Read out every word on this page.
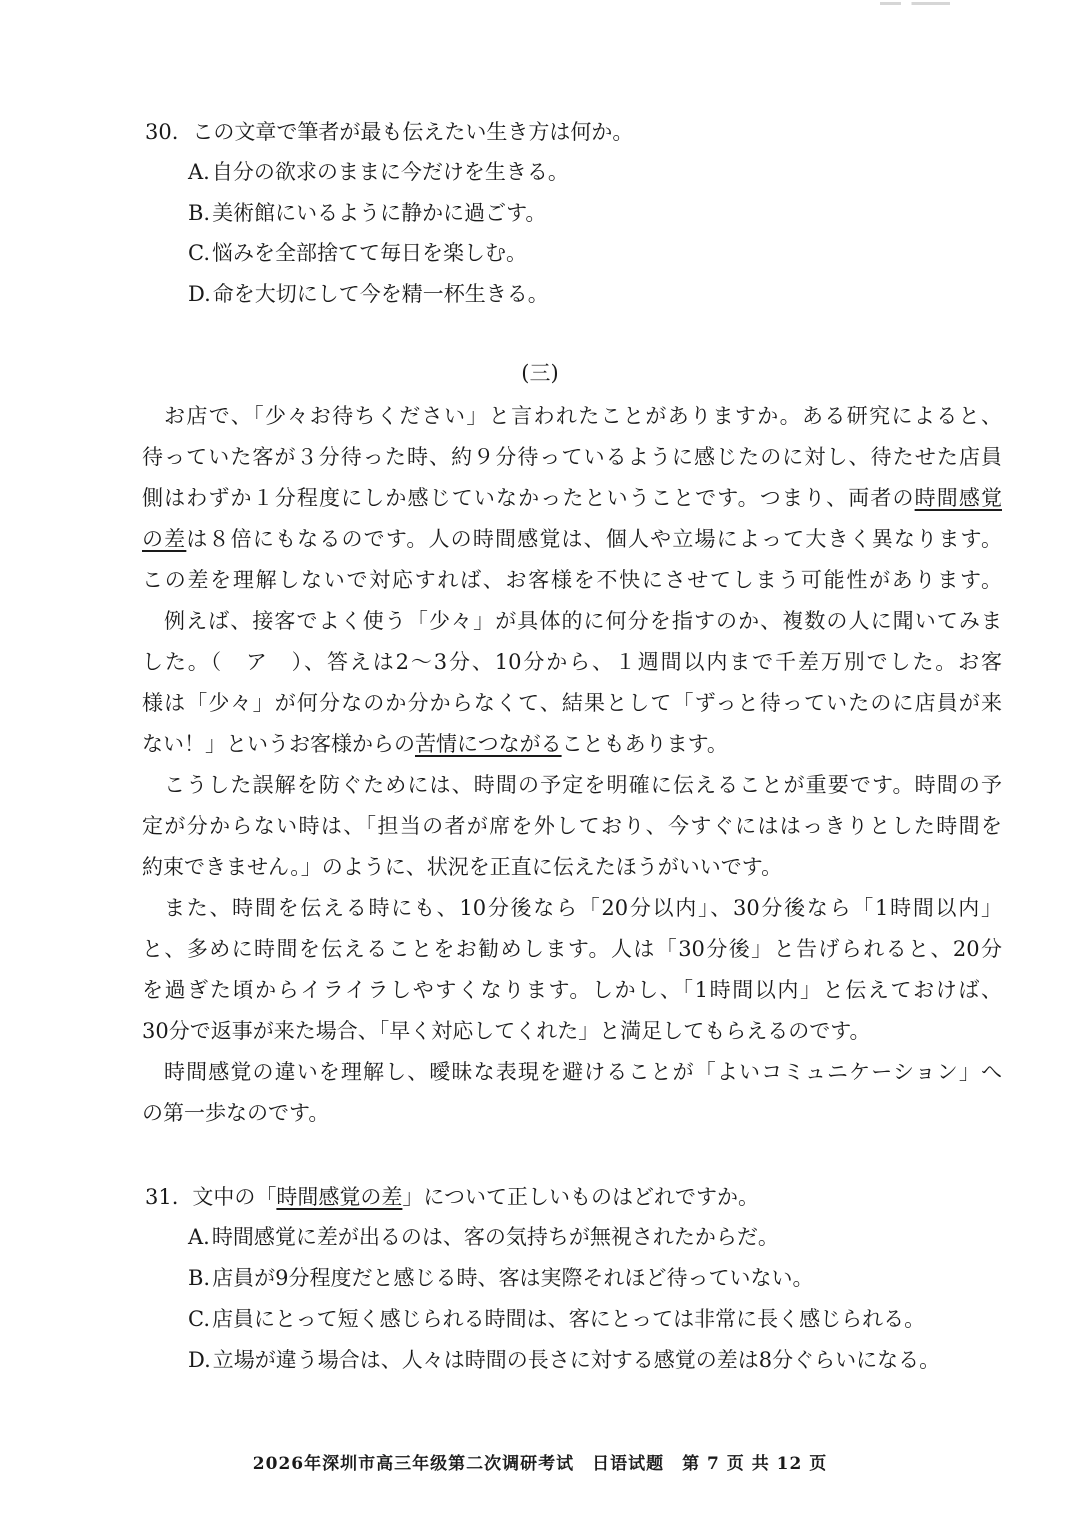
30. この文章で筆者が最も伝えたい生き方は何か。
A.自分の欲求のままに今だけを生きる。
B.美術館にいるように静かに過ごす。
C.悩みを全部捨てて毎日を楽しむ。
D.命を大切にして今を精一杯生きる。
(三)
お店で、「少々お待ちください」と言われたことがありますか。ある研究によると、
待っていた客が３分待った時、約９分待っているように感じたのに対し、待たせた店員
側はわずか１分程度にしか感じていなかったということです。つまり、両者の時間感覚
の差は８倍にもなるのです。人の時間感覚は、個人や立場によって大きく異なります。
この差を理解しないで対応すれば、お客様を不快にさせてしまう可能性があります。
例えば、接客でよく使う「少々」が具体的に何分を指すのか、複数の人に聞いてみま
した。（　ア　）、答えは2〜3分、10分から、１週間以内まで千差万別でした。お客
様は「少々」が何分なのか分からなくて、結果として「ずっと待っていたのに店員が来
ない！」というお客様からの苦情につながることもあります。
こうした誤解を防ぐためには、時間の予定を明確に伝えることが重要です。時間の予
定が分からない時は、「担当の者が席を外しており、今すぐにははっきりとした時間を
約束できません。」のように、状況を正直に伝えたほうがいいです。
また、時間を伝える時にも、10分後なら「20分以内」、30分後なら「1時間以内」
と、多めに時間を伝えることをお勧めします。人は「30分後」と告げられると、20分
を過ぎた頃からイライラしやすくなります。しかし、「1時間以内」と伝えておけば、
30分で返事が来た場合、「早く対応してくれた」と満足してもらえるのです。
時間感覚の違いを理解し、曖昧な表現を避けることが「よいコミュニケーション」へ
の第一歩なのです。
31. 文中の「時間感覚の差」について正しいものはどれですか。
A.時間感覚に差が出るのは、客の気持ちが無視されたからだ。
B.店員が9分程度だと感じる時、客は実際それほど待っていない。
C.店員にとって短く感じられる時間は、客にとっては非常に長く感じられる。
D.立場が違う場合は、人々は時間の長さに対する感覚の差は8分ぐらいになる。
2026年深圳市高三年级第二次调研考试　日语试题　第 7 页 共 12 页
